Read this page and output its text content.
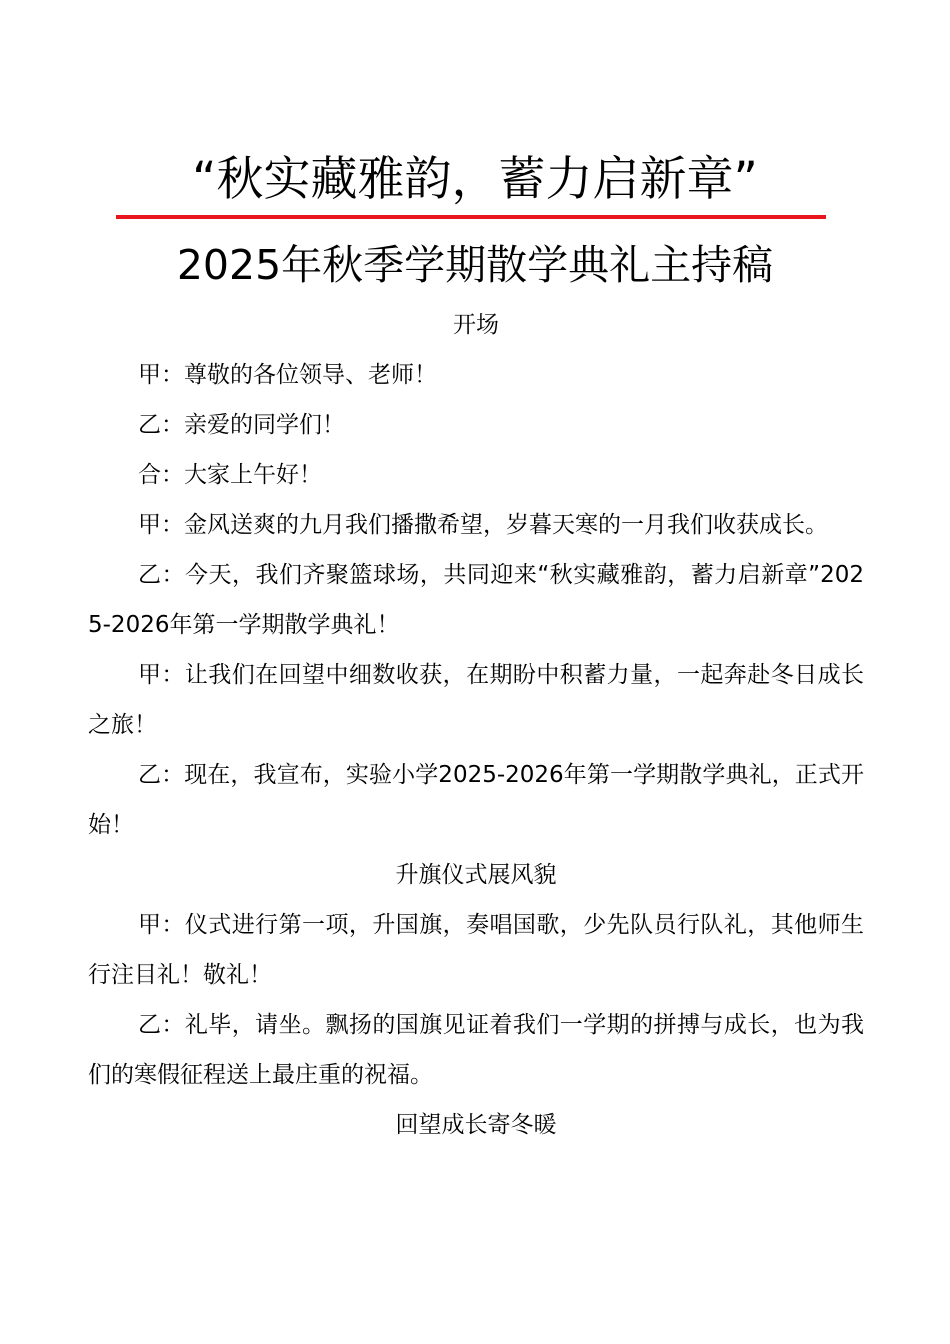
“秋实藏雅韵，蓄力启新章”
2025年秋季学期散学典礼主持稿
开场
甲：尊敬的各位领导、老师！
乙：亲爱的同学们！
合：大家上午好！
甲：金风送爽的九月我们播撒希望，岁暮天寒的一月我们收获成长。
乙：今天，我们齐聚篮球场，共同迎来“秋实藏雅韵，蓄力启新章”2025-2026年第一学期散学典礼！
甲：让我们在回望中细数收获，在期盼中积蓄力量，一起奔赴冬日成长之旅！
乙：现在，我宣布，实验小学2025-2026年第一学期散学典礼，正式开始！
升旗仪式展风貌
甲：仪式进行第一项，升国旗，奏唱国歌，少先队员行队礼，其他师生行注目礼！敬礼！
乙：礼毕，请坐。飘扬的国旗见证着我们一学期的拼搏与成长，也为我们的寒假征程送上最庄重的祝福。
回望成长寄冬暖
